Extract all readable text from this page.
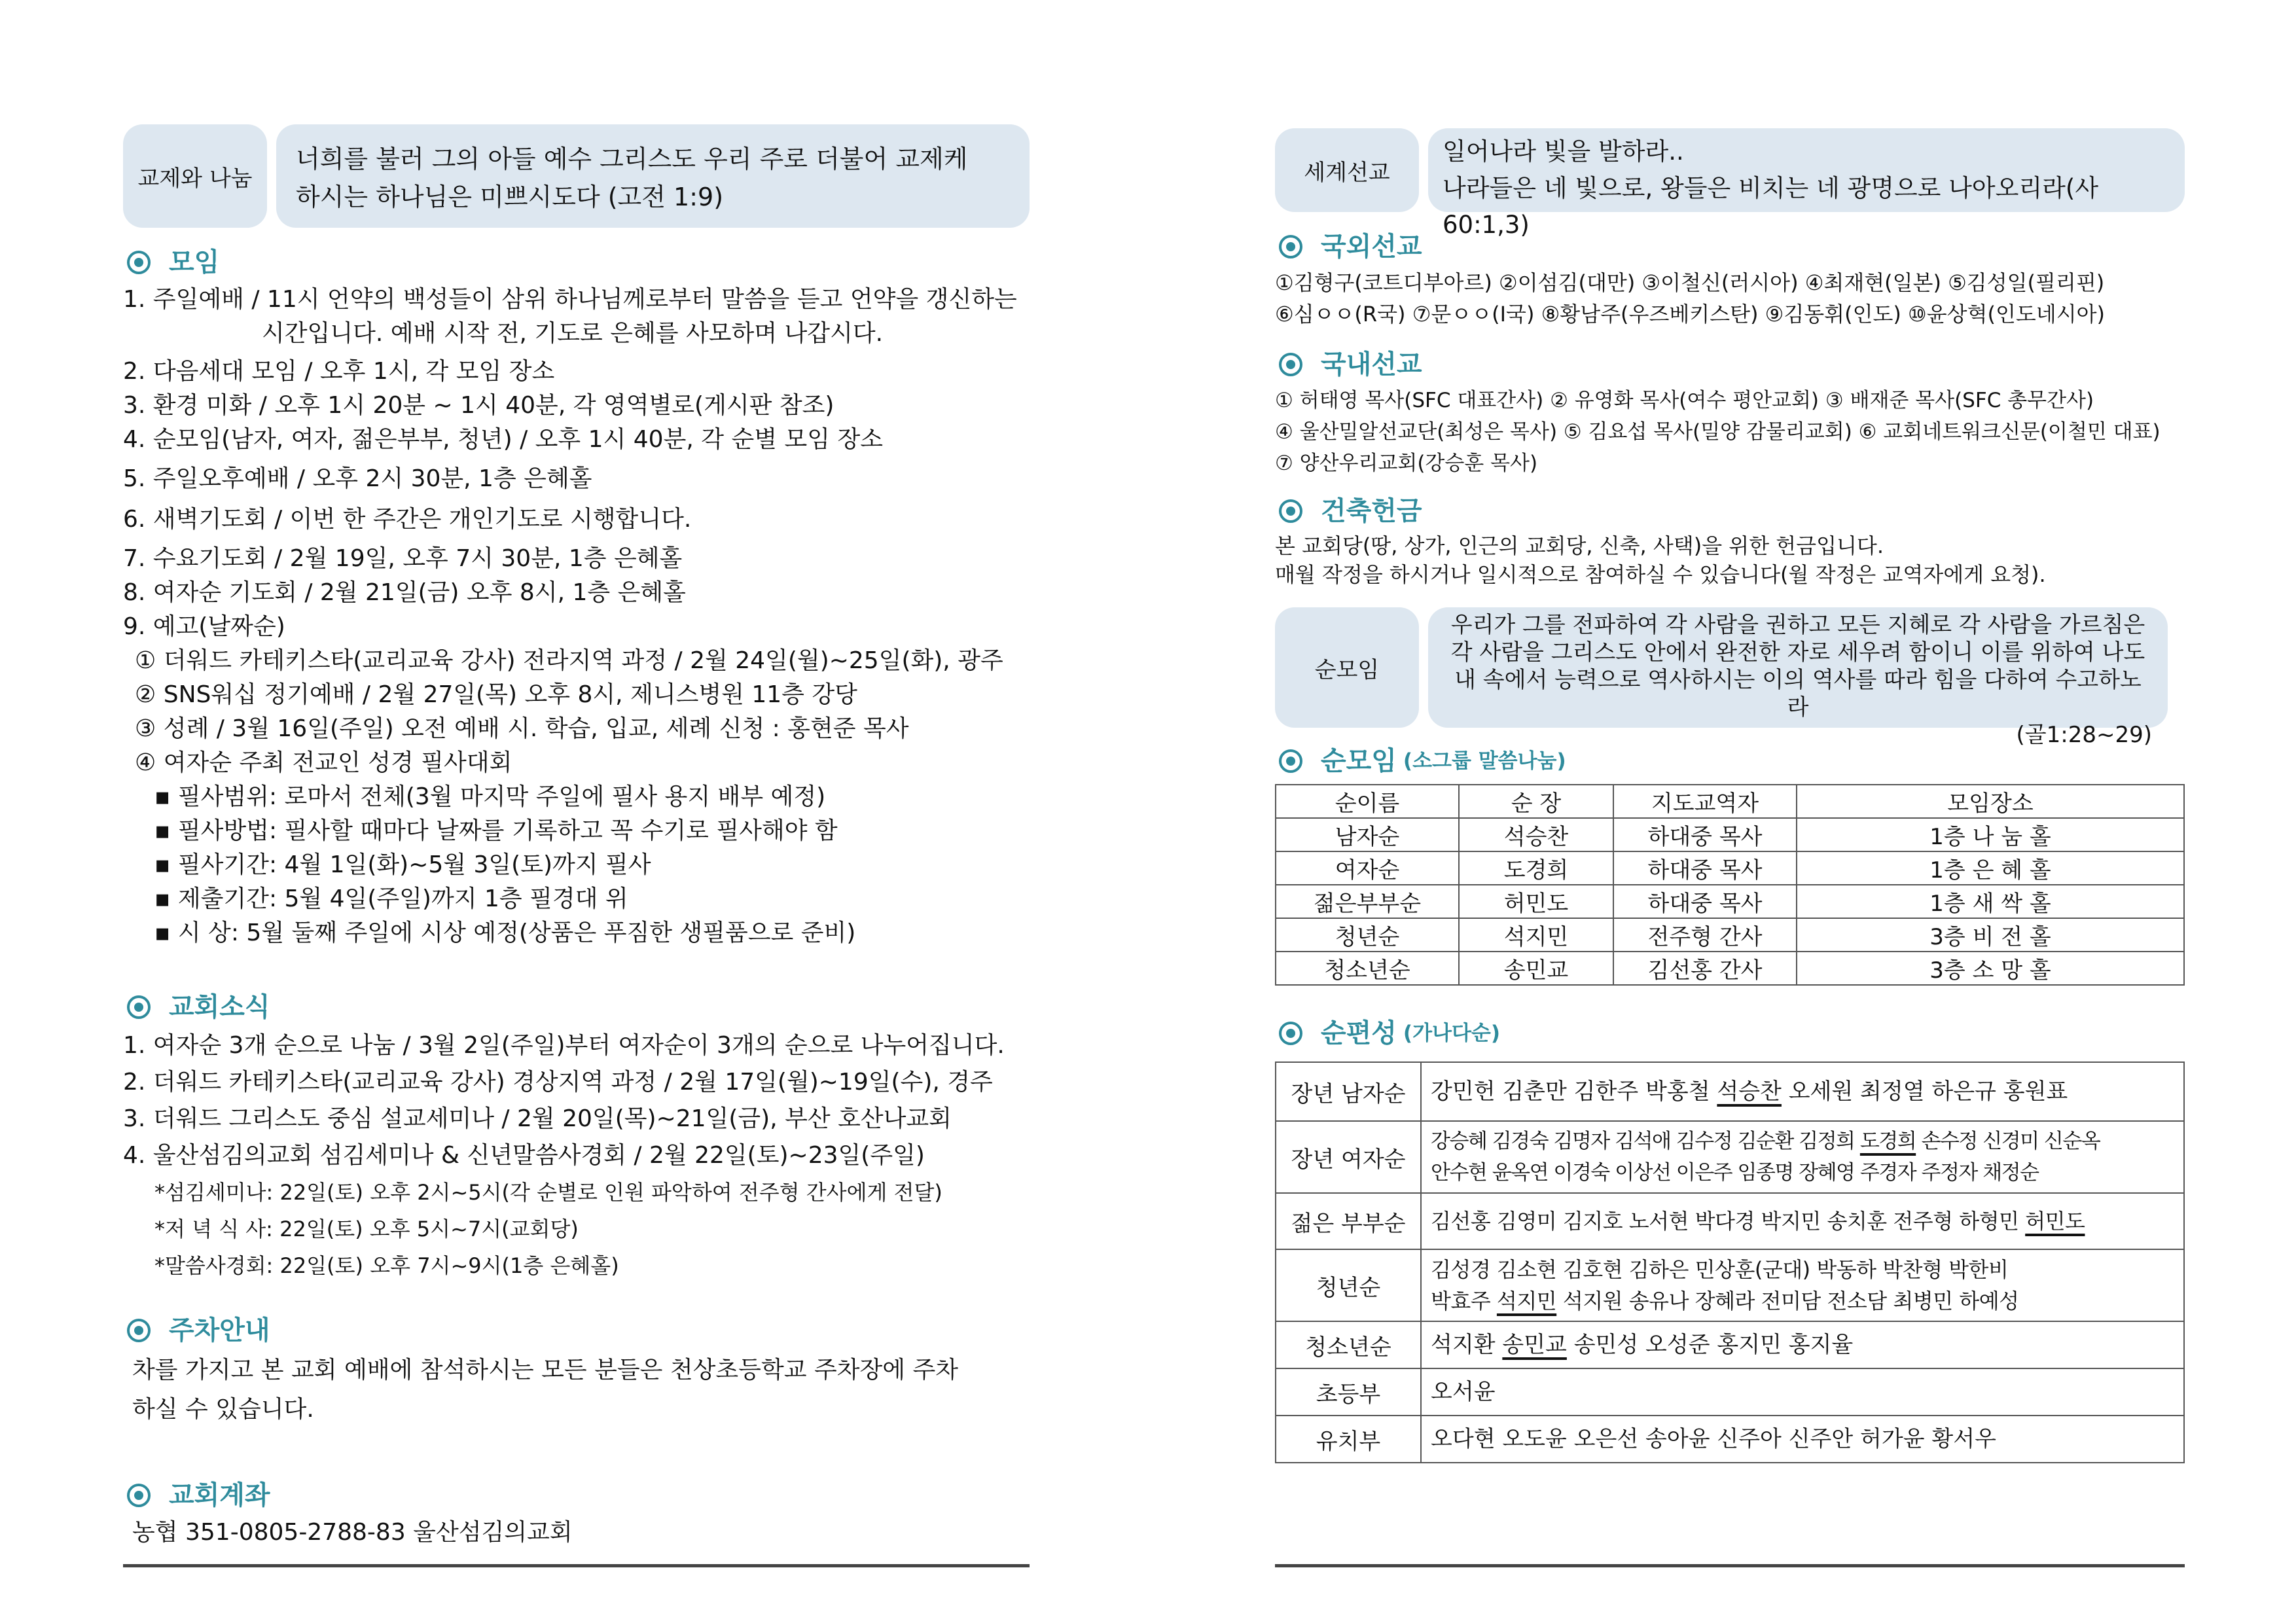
교제와 나눔
너희를 불러 그의 아들 예수 그리스도 우리 주로 더불어 교제케
하시는 하나님은 미쁘시도다 (고전 1:9)
모임
1. 주일예배 / 11시 언약의 백성들이 삼위 하나님께로부터 말씀을 듣고 언약을 갱신하는
시간입니다. 예배 시작 전, 기도로 은혜를 사모하며 나갑시다.
2. 다음세대 모임 / 오후 1시, 각 모임 장소
3. 환경 미화 / 오후 1시 20분 ~ 1시 40분, 각 영역별로(게시판 참조)
4. 순모임(남자, 여자, 젊은부부, 청년) / 오후 1시 40분, 각 순별 모임 장소
5. 주일오후예배 / 오후 2시 30분, 1층 은혜홀
6. 새벽기도회 / 이번 한 주간은 개인기도로 시행합니다.
7. 수요기도회 / 2월 19일, 오후 7시 30분, 1층 은혜홀
8. 여자순 기도회 / 2월 21일(금) 오후 8시, 1층 은혜홀
9. 예고(날짜순)
① 더워드 카테키스타(교리교육 강사) 전라지역 과정 / 2월 24일(월)~25일(화), 광주
② SNS워십 정기예배 / 2월 27일(목) 오후 8시, 제니스병원 11층 강당
③ 성례 / 3월 16일(주일) 오전 예배 시. 학습, 입교, 세례 신청 : 홍현준 목사
④ 여자순 주최 전교인 성경 필사대회
▪ 필사범위: 로마서 전체(3월 마지막 주일에 필사 용지 배부 예정)
▪ 필사방법: 필사할 때마다 날짜를 기록하고 꼭 수기로 필사해야 함
▪ 필사기간: 4월 1일(화)~5월 3일(토)까지 필사
▪ 제출기간: 5월 4일(주일)까지 1층 필경대 위
▪ 시 상: 5월 둘째 주일에 시상 예정(상품은 푸짐한 생필품으로 준비)
교회소식
1. 여자순 3개 순으로 나눔 / 3월 2일(주일)부터 여자순이 3개의 순으로 나누어집니다.
2. 더워드 카테키스타(교리교육 강사) 경상지역 과정 / 2월 17일(월)~19일(수), 경주
3. 더워드 그리스도 중심 설교세미나 / 2월 20일(목)~21일(금), 부산 호산나교회
4. 울산섬김의교회 섬김세미나 & 신년말씀사경회 / 2월 22일(토)~23일(주일)
*섬김세미나: 22일(토) 오후 2시~5시(각 순별로 인원 파악하여 전주형 간사에게 전달)
*저 녁 식 사: 22일(토) 오후 5시~7시(교회당)
*말씀사경회: 22일(토) 오후 7시~9시(1층 은혜홀)
주차안내
차를 가지고 본 교회 예배에 참석하시는 모든 분들은 천상초등학교 주차장에 주차
하실 수 있습니다.
교회계좌
농협 351-0805-2788-83 울산섬김의교회
세계선교
일어나라 빛을 발하라..
나라들은 네 빛으로, 왕들은 비치는 네 광명으로 나아오리라(사60:1,3)
국외선교
①김형구(코트디부아르) ②이섬김(대만) ③이철신(러시아) ④최재현(일본) ⑤김성일(필리핀)
⑥심ㅇㅇ(R국) ⑦문ㅇㅇ(I국) ⑧황남주(우즈베키스탄) ⑨김동휘(인도) ⑩윤상혁(인도네시아)
국내선교
① 허태영 목사(SFC 대표간사) ② 유영화 목사(여수 평안교회) ③ 배재준 목사(SFC 총무간사)
④ 울산밀알선교단(최성은 목사) ⑤ 김요섭 목사(밀양 감물리교회) ⑥ 교회네트워크신문(이철민 대표)
⑦ 양산우리교회(강승훈 목사)
건축헌금
본 교회당(땅, 상가, 인근의 교회당, 신축, 사택)을 위한 헌금입니다.
매월 작정을 하시거나 일시적으로 참여하실 수 있습니다(월 작정은 교역자에게 요청).
순모임
우리가 그를 전파하여 각 사람을 권하고 모든 지혜로 각 사람을 가르침은
각 사람을 그리스도 안에서 완전한 자로 세우려 함이니 이를 위하여 나도
내 속에서 능력으로 역사하시는 이의 역사를 따라 힘을 다하여 수고하노라
(골1:28~29)
순모임 (소그룹 말씀나눔)
순이름	순 장	지도교역자	모임장소
남자순	석승찬	하대중 목사	1층 나 눔 홀
여자순	도경희	하대중 목사	1층 은 혜 홀
젊은부부순	허민도	하대중 목사	1층 새 싹 홀
청년순	석지민	전주형 간사	3층 비 전 홀
청소년순	송민교	김선홍 간사	3층 소 망 홀
순편성 (가나다순)
장년 남자순	강민헌 김춘만 김한주 박홍철 석승찬 오세원 최정열 하은규 홍원표
장년 여자순	강승혜 김경숙 김명자 김석애 김수정 김순환 김정희 도경희 손수정 신경미 신순옥
안수현 윤옥연 이경숙 이상선 이은주 임종명 장혜영 주경자 주정자 채정순

젊은 부부순	김선홍 김영미 김지호 노서현 박다경 박지민 송치훈 전주형 하형민 허민도
청년순	김성경 김소현 김호현 김하은 민상훈(군대) 박동하 박찬형 박한비
박효주 석지민 석지원 송유나 장혜라 전미담 전소담 최병민 하예성

청소년순	석지환 송민교 송민성 오성준 홍지민 홍지율
초등부	오서윤
유치부	오다현 오도윤 오은선 송아윤 신주아 신주안 허가윤 황서우
